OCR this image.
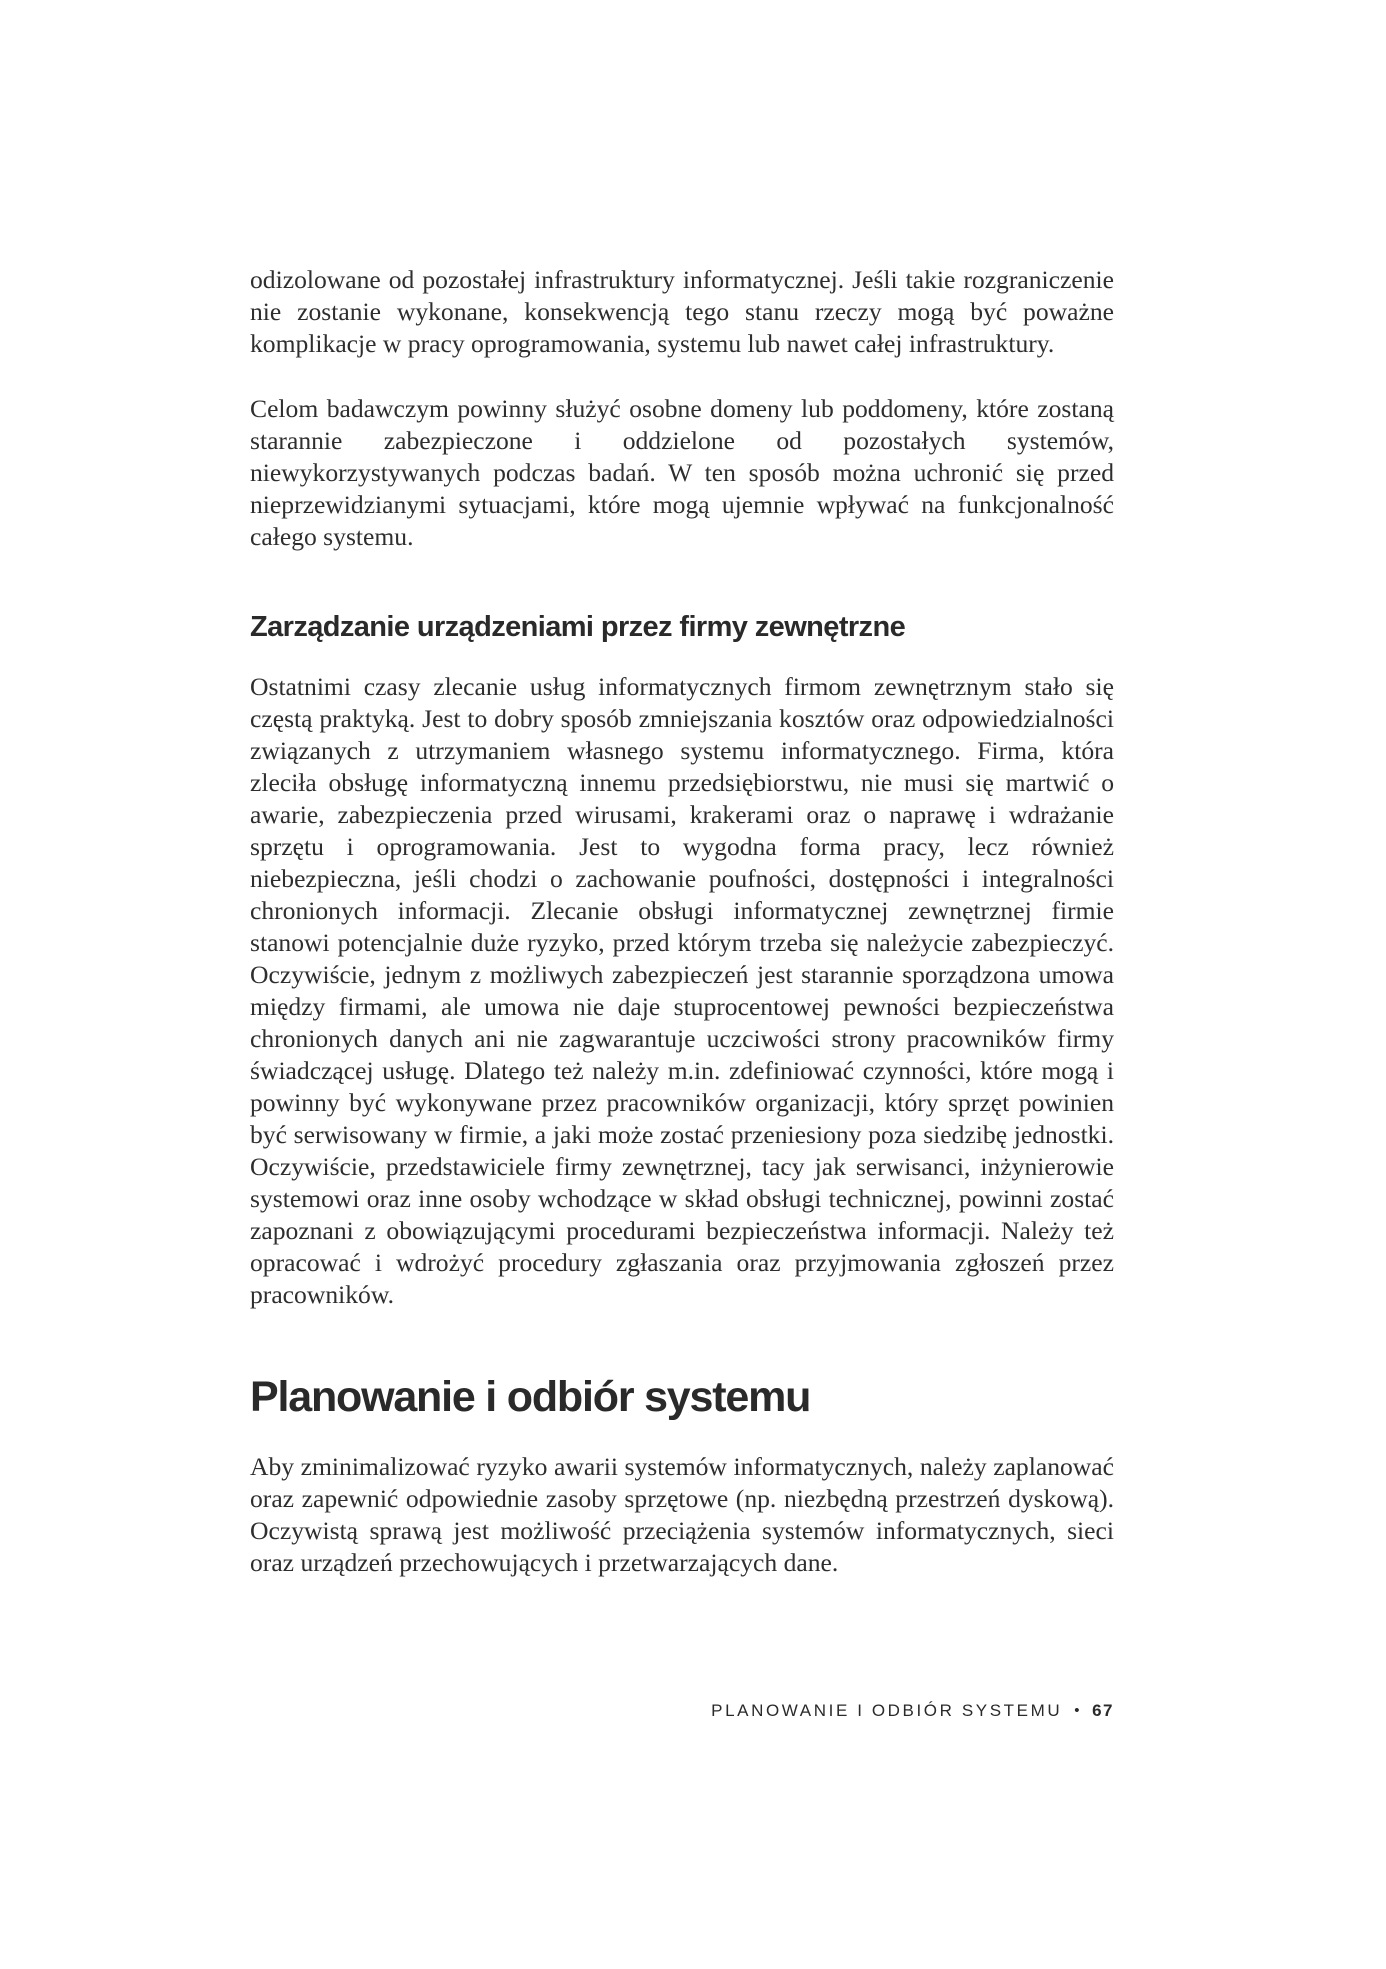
odizolowane od pozostałej infrastruktury informatycznej. Jeśli takie rozgraniczenie nie zostanie wykonane, konsekwencją tego stanu rzeczy mogą być poważne komplikacje w pracy oprogramowania, systemu lub nawet całej infrastruktury.

Celom badawczym powinny służyć osobne domeny lub poddomeny, które zostaną starannie zabezpieczone i oddzielone od pozostałych systemów, niewykorzystywanych podczas badań. W ten sposób można uchronić się przed nieprzewidzianymi sytuacjami, które mogą ujemnie wpływać na funkcjonalność całego systemu.

Zarządzanie urządzeniami przez firmy zewnętrzne

Ostatnimi czasy zlecanie usług informatycznych firmom zewnętrznym stało się częstą praktyką. Jest to dobry sposób zmniejszania kosztów oraz odpowiedzialności związanych z utrzymaniem własnego systemu informatycznego. Firma, która zleciła obsługę informatyczną innemu przedsiębiorstwu, nie musi się martwić o awarie, zabezpieczenia przed wirusami, krakerami oraz o naprawę i wdrażanie sprzętu i oprogramowania. Jest to wygodna forma pracy, lecz również niebezpieczna, jeśli chodzi o zachowanie poufności, dostępności i integralności chronionych informacji. Zlecanie obsługi informatycznej zewnętrznej firmie stanowi potencjalnie duże ryzyko, przed którym trzeba się należycie zabezpieczyć. Oczywiście, jednym z możliwych zabezpieczeń jest starannie sporządzona umowa między firmami, ale umowa nie daje stuprocentowej pewności bezpieczeństwa chronionych danych ani nie zagwarantuje uczciwości strony pracowników firmy świadczącej usługę. Dlatego też należy m.in. zdefiniować czynności, które mogą i powinny być wykonywane przez pracowników organizacji, który sprzęt powinien być serwisowany w firmie, a jaki może zostać przeniesiony poza siedzibę jednostki. Oczywiście, przedstawiciele firmy zewnętrznej, tacy jak serwisanci, inżynierowie systemowi oraz inne osoby wchodzące w skład obsługi technicznej, powinni zostać zapoznani z obowiązującymi procedurami bezpieczeństwa informacji. Należy też opracować i wdrożyć procedury zgłaszania oraz przyjmowania zgłoszeń przez pracowników.

Planowanie i odbiór systemu

Aby zminimalizować ryzyko awarii systemów informatycznych, należy zaplanować oraz zapewnić odpowiednie zasoby sprzętowe (np. niezbędną przestrzeń dyskową). Oczywistą sprawą jest możliwość przeciążenia systemów informatycznych, sieci oraz urządzeń przechowujących i przetwarzających dane.

PLANOWANIE I ODBIÓR SYSTEMU • 67
